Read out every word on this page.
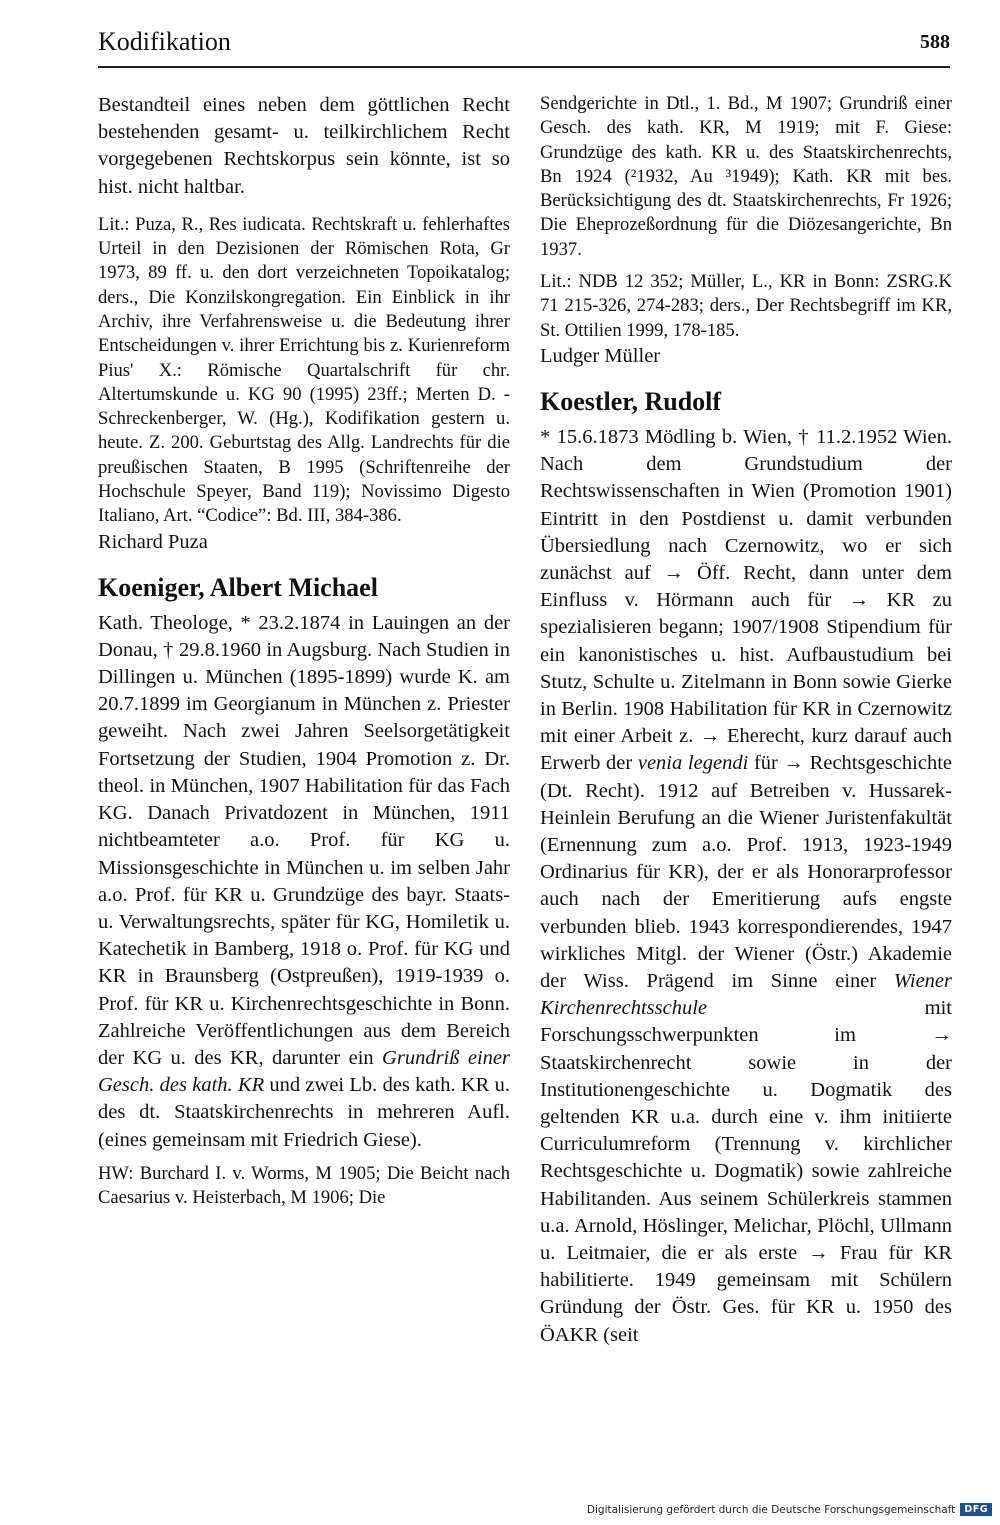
Kodifikation	588

Bestandteil eines neben dem göttlichen Recht bestehenden gesamt- u. teilkirchlichem Recht vorgegebenen Rechtskorpus sein könnte, ist so hist. nicht haltbar.

Lit.: Puza, R., Res iudicata. Rechtskraft u. fehlerhaftes Urteil in den Dezisionen der Römischen Rota, Gr 1973, 89 ff. u. den dort verzeichneten Topoikatalog; ders., Die Konzilskongregation. Ein Einblick in ihr Archiv, ihre Verfahrensweise u. die Bedeutung ihrer Entscheidungen v. ihrer Errichtung bis z. Kurienreform Pius' X.: Römische Quartalschrift für chr. Altertumskunde u. KG 90 (1995) 23ff.; Merten D. - Schreckenberger, W. (Hg.), Kodifikation gestern u. heute. Z. 200. Geburtstag des Allg. Landrechts für die preußischen Staaten, B 1995 (Schriftenreihe der Hochschule Speyer, Band 119); Novissimo Digesto Italiano, Art. “Codice”: Bd. III, 384-386.

Richard Puza

Koeniger, Albert Michael

Kath. Theologe, * 23.2.1874 in Lauingen an der Donau, † 29.8.1960 in Augsburg. Nach Studien in Dillingen u. München (1895-1899) wurde K. am 20.7.1899 im Georgianum in München z. Priester geweiht. Nach zwei Jahren Seelsorgetätigkeit Fortsetzung der Studien, 1904 Promotion z. Dr. theol. in München, 1907 Habilitation für das Fach KG. Danach Privatdozent in München, 1911 nichtbeamteter a.o. Prof. für KG u. Missionsgeschichte in München u. im selben Jahr a.o. Prof. für KR u. Grundzüge des bayr. Staats- u. Verwaltungsrechts, später für KG, Homiletik u. Katechetik in Bamberg, 1918 o. Prof. für KG und KR in Braunsberg (Ostpreußen), 1919-1939 o. Prof. für KR u. Kirchenrechtsgeschichte in Bonn. Zahlreiche Veröffentlichungen aus dem Bereich der KG u. des KR, darunter ein Grundriß einer Gesch. des kath. KR und zwei Lb. des kath. KR u. des dt. Staatskirchenrechts in mehreren Aufl. (eines gemeinsam mit Friedrich Giese).

HW: Burchard I. v. Worms, M 1905; Die Beicht nach Caesarius v. Heisterbach, M 1906; Die

Sendgerichte in Dtl., 1. Bd., M 1907; Grundriß einer Gesch. des kath. KR, M 1919; mit F. Giese: Grundzüge des kath. KR u. des Staatskirchenrechts, Bn 1924 (²1932, Au ³1949); Kath. KR mit bes. Berücksichtigung des dt. Staatskirchenrechts, Fr 1926; Die Eheprozeßordnung für die Diözesangerichte, Bn 1937.

Lit.: NDB 12 352; Müller, L., KR in Bonn: ZSRG.K 71 215-326, 274-283; ders., Der Rechtsbegriff im KR, St. Ottilien 1999, 178-185.

Ludger Müller

Koestler, Rudolf

* 15.6.1873 Mödling b. Wien, † 11.2.1952 Wien. Nach dem Grundstudium der Rechtswissenschaften in Wien (Promotion 1901) Eintritt in den Postdienst u. damit verbunden Übersiedlung nach Czernowitz, wo er sich zunächst auf → Öff. Recht, dann unter dem Einfluss v. Hörmann auch für → KR zu spezialisieren begann; 1907/1908 Stipendium für ein kanonistisches u. hist. Aufbaustudium bei Stutz, Schulte u. Zitelmann in Bonn sowie Gierke in Berlin. 1908 Habilitation für KR in Czernowitz mit einer Arbeit z. → Eherecht, kurz darauf auch Erwerb der venia legendi für → Rechtsgeschichte (Dt. Recht). 1912 auf Betreiben v. Hussarek-Heinlein Berufung an die Wiener Juristenfakultät (Ernennung zum a.o. Prof. 1913, 1923-1949 Ordinarius für KR), der er als Honorarprofessor auch nach der Emeritierung aufs engste verbunden blieb. 1943 korrespondierendes, 1947 wirkliches Mitgl. der Wiener (Östr.) Akademie der Wiss. Prägend im Sinne einer Wiener Kirchenrechtsschule mit Forschungsschwerpunkten im → Staatskirchenrecht sowie in der Institutionengeschichte u. Dogmatik des geltenden KR u.a. durch eine v. ihm initiierte Curriculumreform (Trennung v. kirchlicher Rechtsgeschichte u. Dogmatik) sowie zahlreiche Habilitanden. Aus seinem Schülerkreis stammen u.a. Arnold, Höslinger, Melichar, Plöchl, Ullmann u. Leitmaier, die er als erste → Frau für KR habilitierte. 1949 gemeinsam mit Schülern Gründung der Östr. Ges. für KR u. 1950 des ÖAKR (seit

Digitalisierung gefördert durch die Deutsche Forschungsgemeinschaft DFG
